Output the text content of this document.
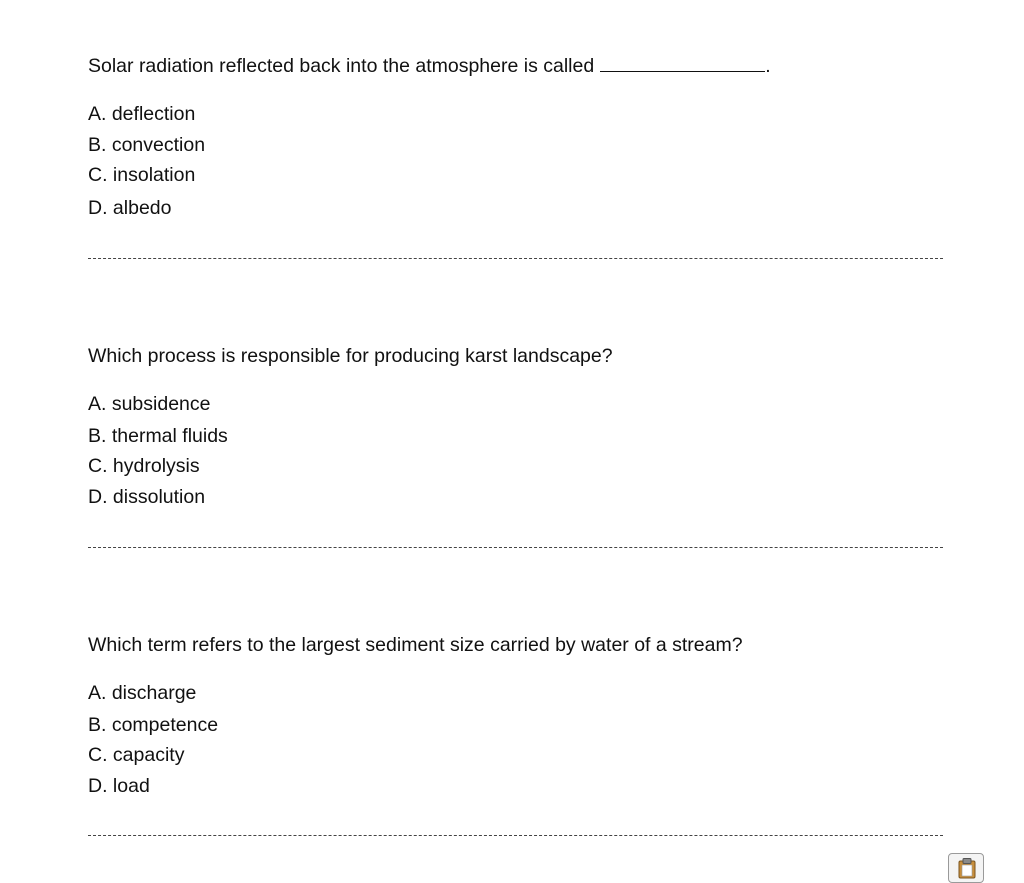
Solar radiation reflected back into the atmosphere is called	.
A. deflection
B. convection
C. insolation
D. albedo
Which process is responsible for producing karst landscape?
A. subsidence
B. thermal fluids
C. hydrolysis
D. dissolution
Which term refers to the largest sediment size carried by water of a stream?
A. discharge
B. competence
C. capacity
D. load
